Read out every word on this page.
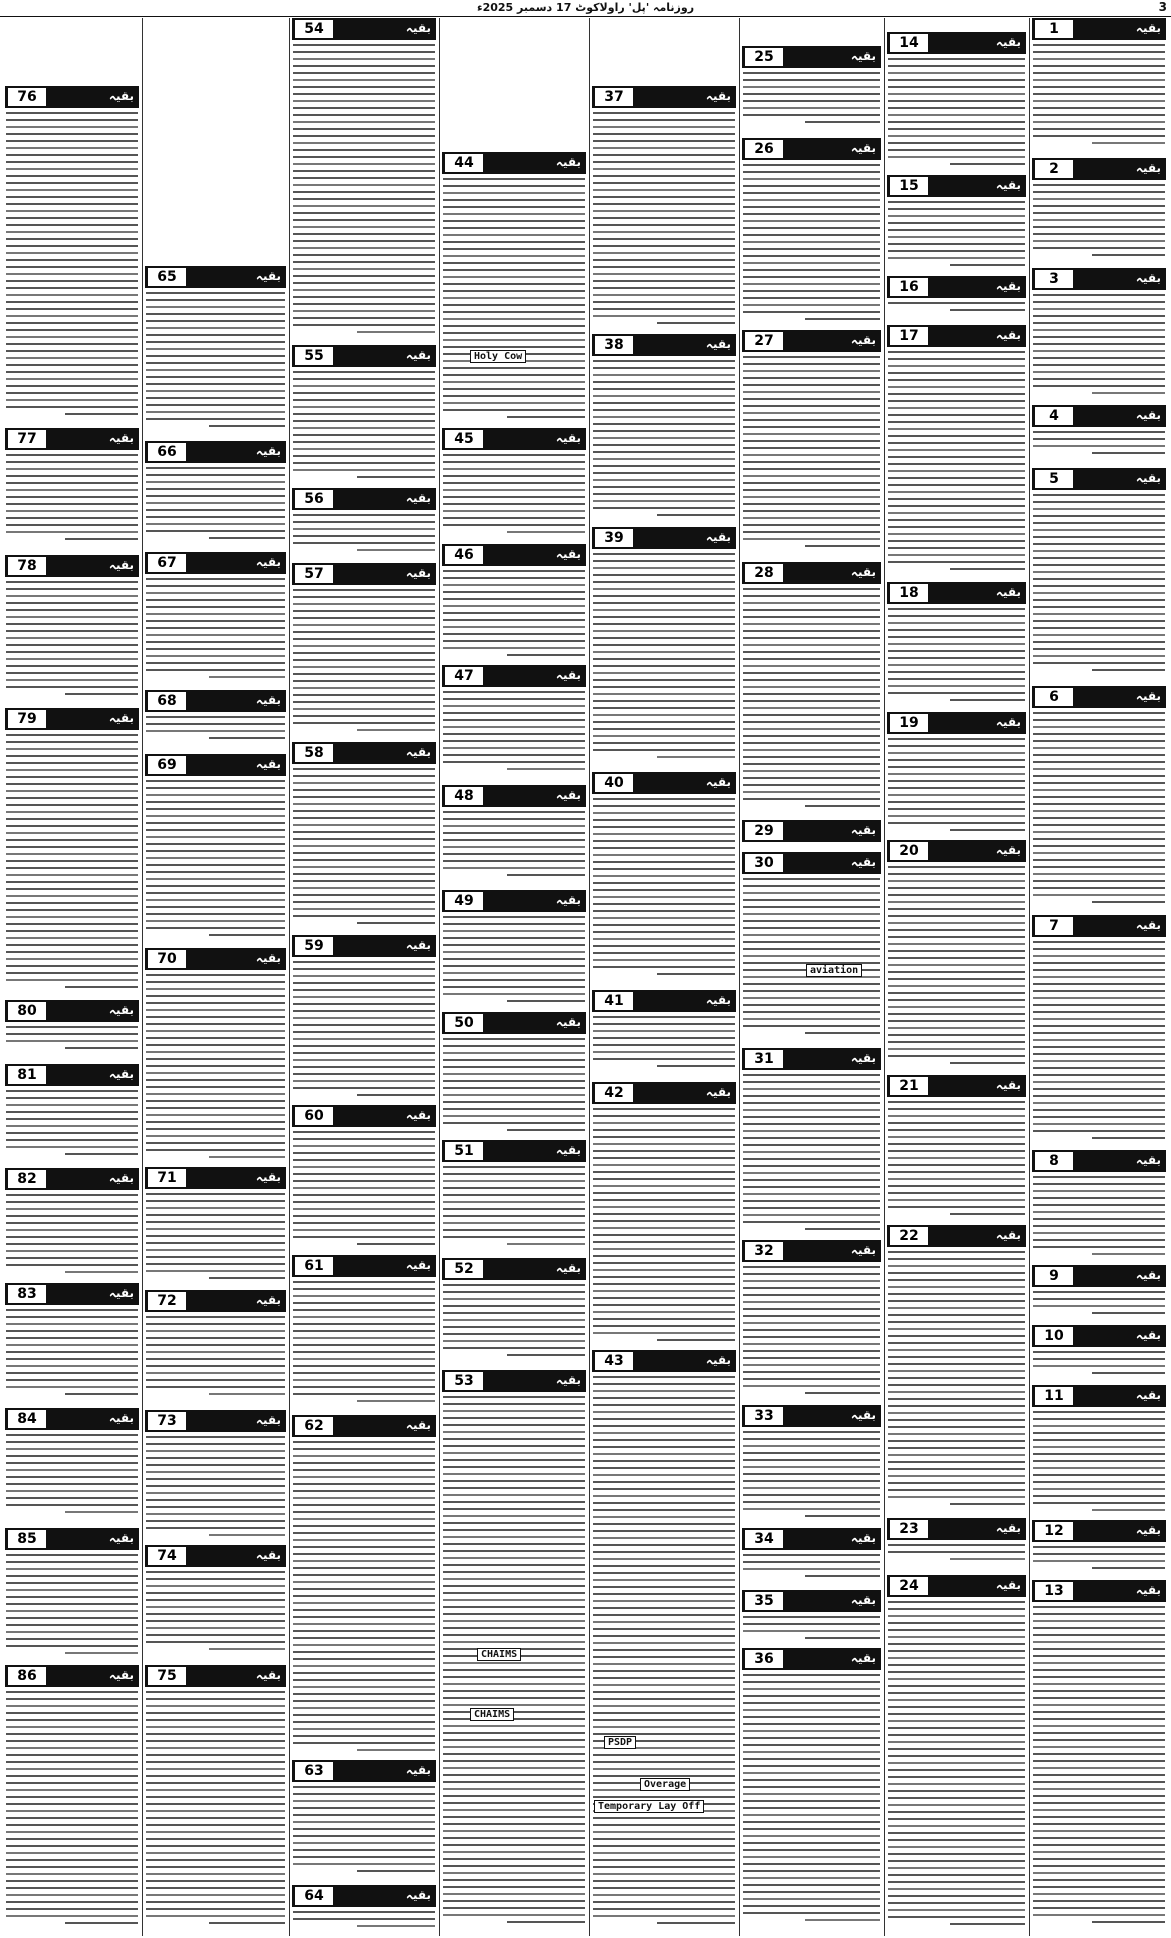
روزنامہ 'پل' راولاکوٹ 17 دسمبر 2025ء	3
بقیہ
1
بقیہ
2
بقیہ
3
بقیہ
4
بقیہ
5
بقیہ
6
بقیہ
7
بقیہ
8
بقیہ
9
بقیہ
10
بقیہ
11
بقیہ
12
بقیہ
13
بقیہ
14
بقیہ
15
بقیہ
16
بقیہ
17
بقیہ
18
بقیہ
19
بقیہ
20
بقیہ
21
بقیہ
22
بقیہ
23
بقیہ
24
بقیہ
25
بقیہ
26
بقیہ
27
بقیہ
28
بقیہ
29
بقیہ
30
بقیہ
31
بقیہ
32
بقیہ
33
بقیہ
34
بقیہ
35
بقیہ
36
بقیہ
37
بقیہ
38
بقیہ
39
بقیہ
40
بقیہ
41
بقیہ
42
بقیہ
43
بقیہ
44
بقیہ
45
بقیہ
46
بقیہ
47
بقیہ
48
بقیہ
49
بقیہ
50
بقیہ
51
بقیہ
52
بقیہ
53
بقیہ
54
بقیہ
55
بقیہ
56
بقیہ
57
بقیہ
58
بقیہ
59
بقیہ
60
بقیہ
61
بقیہ
62
بقیہ
63
بقیہ
64
بقیہ
65
بقیہ
66
بقیہ
67
بقیہ
68
بقیہ
69
بقیہ
70
بقیہ
71
بقیہ
72
بقیہ
73
بقیہ
74
بقیہ
75
بقیہ
76
بقیہ
77
بقیہ
78
بقیہ
79
بقیہ
80
بقیہ
81
بقیہ
82
بقیہ
83
بقیہ
84
بقیہ
85
بقیہ
86
Holy Cow
CHAIMS
CHAIMS
Overage
Temporary Lay Off
PSDP
aviation
